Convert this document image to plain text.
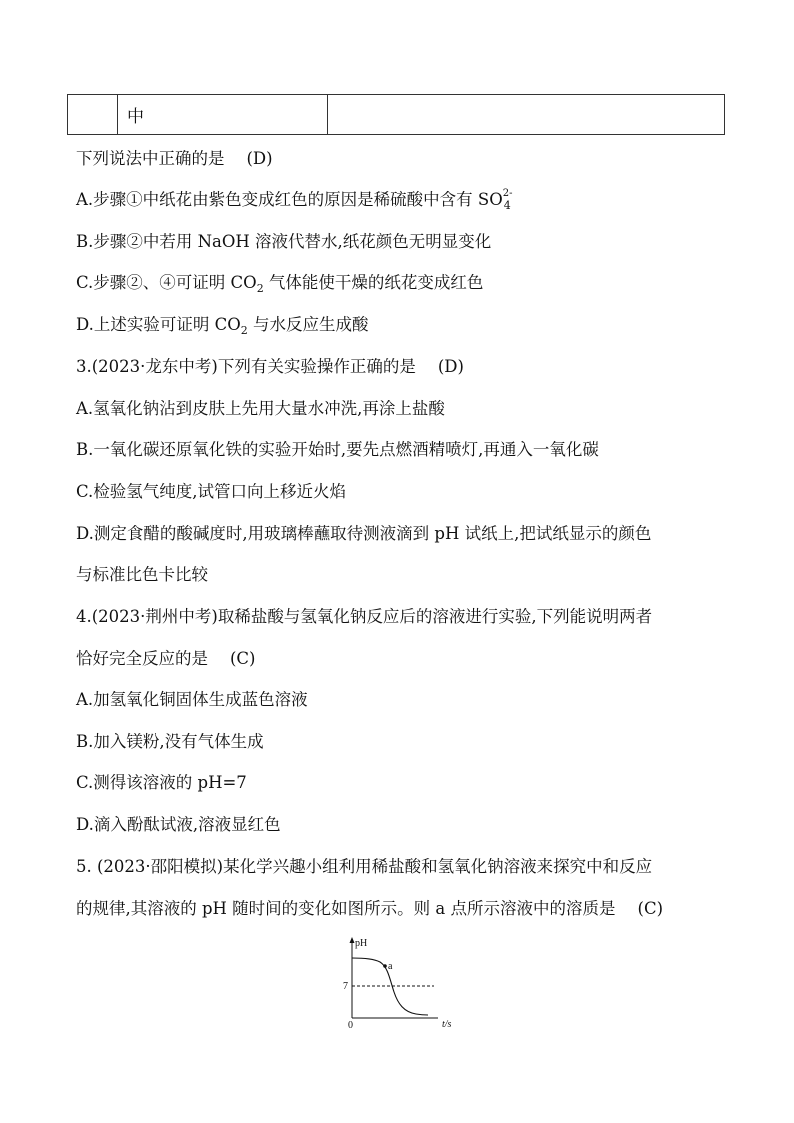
	中	
下列说法中正确的是 (D)
A.步骤①中纸花由紫色变成红色的原因是稀硫酸中含有 SO 2-
4
B.步骤②中若用 NaOH 溶液代替水,纸花颜色无明显变化
C.步骤②、④可证明 $CO_2$ 气体能使干燥的纸花变成红色
D.上述实验可证明 $CO_2$ 与水反应生成酸
3.(2023·龙东中考)下列有关实验操作正确的是 (D)
A.氢氧化钠沾到皮肤上先用大量水冲洗,再涂上盐酸
B.一氧化碳还原氧化铁的实验开始时,要先点燃酒精喷灯,再通入一氧化碳
C.检验氢气纯度,试管口向上移近火焰
D.测定食醋的酸碱度时,用玻璃棒蘸取待测液滴到 pH 试纸上,把试纸显示的颜色
与标准比色卡比较
4.(2023·荆州中考)取稀盐酸与氢氧化钠反应后的溶液进行实验,下列能说明两者
恰好完全反应的是 (C)
A.加氢氧化铜固体生成蓝色溶液
B.加入镁粉,没有气体生成
C.测得该溶液的 pH=7
D.滴入酚酞试液,溶液显红色
5. (2023·邵阳模拟)某化学兴趣小组利用稀盐酸和氢氧化钠溶液来探究中和反应
的规律,其溶液的 pH 随时间的变化如图所示。则 a 点所示溶液中的溶质是 (C)
pH
t/s
0
7
a
